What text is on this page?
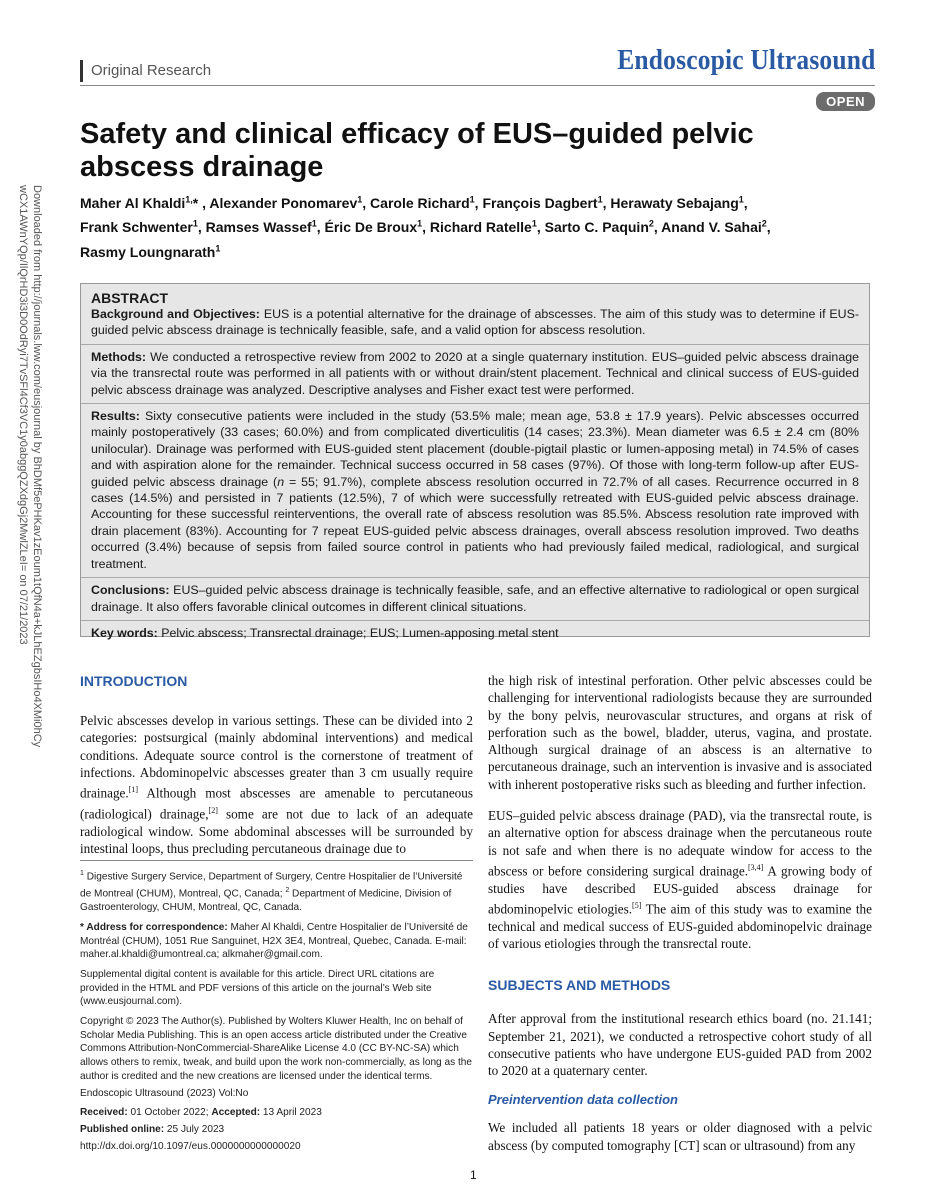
Downloaded from http://journals.lww.com/eusjournal by BhDMf5ePHKav1zEoum1tQfN4a+kJLhEZgbsIHo4XMi0hCy
wCX1AWnYQp/IlQrHD3i3D0OdRyi7TvSFl4Cf3VC1y0abggQZXdgGj2MwlZLeI= on 07/21/2023
Original Research	Endoscopic Ultrasound
OPEN
Safety and clinical efficacy of EUS–guided pelvic abscess drainage
Maher Al Khaldi$^{1,}$* , Alexander Ponomarev$^1$, Carole Richard$^1$, François Dagbert$^1$, Herawaty Sebajang$^1$,
Frank Schwenter$^1$, Ramses Wassef$^1$, Éric De Broux$^1$, Richard Ratelle$^1$, Sarto C. Paquin$^2$, Anand V. Sahai$^2$,
Rasmy Loungnarath$^1$
ABSTRACT

Background and Objectives: EUS is a potential alternative for the drainage of abscesses. The aim of this study was to determine if EUS-guided pelvic abscess drainage is technically feasible, safe, and a valid option for abscess resolution.

Methods: We conducted a retrospective review from 2002 to 2020 at a single quaternary institution. EUS–guided pelvic abscess drainage via the transrectal route was performed in all patients with or without drain/stent placement. Technical and clinical success of EUS-guided pelvic abscess drainage was analyzed. Descriptive analyses and Fisher exact test were performed.

Results: Sixty consecutive patients were included in the study (53.5% male; mean age, 53.8 ± 17.9 years). Pelvic abscesses occurred mainly postoperatively (33 cases; 60.0%) and from complicated diverticulitis (14 cases; 23.3%). Mean diameter was 6.5 ± 2.4 cm (80% unilocular). Drainage was performed with EUS-guided stent placement (double-pigtail plastic or lumen-apposing metal) in 74.5% of cases and with aspiration alone for the remainder. Technical success occurred in 58 cases (97%). Of those with long-term follow-up after EUS-guided pelvic abscess drainage (n = 55; 91.7%), complete abscess resolution occurred in 72.7% of all cases. Recurrence occurred in 8 cases (14.5%) and persisted in 7 patients (12.5%), 7 of which were successfully retreated with EUS-guided pelvic abscess drainage. Accounting for these successful reinterventions, the overall rate of abscess resolution was 85.5%. Abscess resolution rate improved with drain placement (83%). Accounting for 7 repeat EUS-guided pelvic abscess drainages, overall abscess resolution improved. Two deaths occurred (3.4%) because of sepsis from failed source control in patients who had previously failed medical, radiological, and surgical treatment.

Conclusions: EUS–guided pelvic abscess drainage is technically feasible, safe, and an effective alternative to radiological or open surgical drainage. It also offers favorable clinical outcomes in different clinical situations.

Key words: Pelvic abscess; Transrectal drainage; EUS; Lumen-apposing metal stent

INTRODUCTION

Pelvic abscesses develop in various settings. These can be divided into 2 categories: postsurgical (mainly abdominal interventions) and medical conditions. Adequate source control is the cornerstone of treatment of infections. Abdominopelvic abscesses greater than 3 cm usually require drainage.[1] Although most abscesses are amenable to percutaneous (radiological) drainage,[2] some are not due to lack of an adequate radiological window. Some abdominal abscesses will be surrounded by intestinal loops, thus precluding percutaneous drainage due to

$^1$ Digestive Surgery Service, Department of Surgery, Centre Hospitalier de l’Université de Montreal (CHUM), Montreal, QC, Canada; $^2$ Department of Medicine, Division of Gastroenterology, CHUM, Montreal, QC, Canada.

* Address for correspondence: Maher Al Khaldi, Centre Hospitalier de l’Université de Montréal (CHUM), 1051 Rue Sanguinet, H2X 3E4, Montreal, Quebec, Canada. E-mail: maher.al.khaldi@umontreal.ca; alkmaher@gmail.com.

Supplemental digital content is available for this article. Direct URL citations are provided in the HTML and PDF versions of this article on the journal’s Web site (www.eusjournal.com).

Copyright © 2023 The Author(s). Published by Wolters Kluwer Health, Inc on behalf of Scholar Media Publishing. This is an open access article distributed under the Creative Commons Attribution-NonCommercial-ShareAlike License 4.0 (CC BY-NC-SA) which allows others to remix, tweak, and build upon the work non-commercially, as long as the author is credited and the new creations are licensed under the identical terms.

Endoscopic Ultrasound (2023) Vol:No

Received: 01 October 2022; Accepted: 13 April 2023

Published online: 25 July 2023

http://dx.doi.org/10.1097/eus.0000000000000020

the high risk of intestinal perforation. Other pelvic abscesses could be challenging for interventional radiologists because they are surrounded by the bony pelvis, neurovascular structures, and organs at risk of perforation such as the bowel, bladder, uterus, vagina, and prostate. Although surgical drainage of an abscess is an alternative to percutaneous drainage, such an intervention is invasive and is associated with inherent postoperative risks such as bleeding and further infection.

EUS–guided pelvic abscess drainage (PAD), via the transrectal route, is an alternative option for abscess drainage when the percutaneous route is not safe and when there is no adequate window for access to the abscess or before considering surgical drainage.[3,4] A growing body of studies have described EUS-guided abscess drainage for abdominopelvic etiologies.[5] The aim of this study was to examine the technical and medical success of EUS-guided abdominopelvic drainage of various etiologies through the transrectal route.

SUBJECTS AND METHODS

After approval from the institutional research ethics board (no. 21.141; September 21, 2021), we conducted a retrospective cohort study of all consecutive patients who have undergone EUS-guided PAD from 2002 to 2020 at a quaternary center.

Preintervention data collection

We included all patients 18 years or older diagnosed with a pelvic abscess (by computed tomography [CT] scan or ultrasound) from any

1
